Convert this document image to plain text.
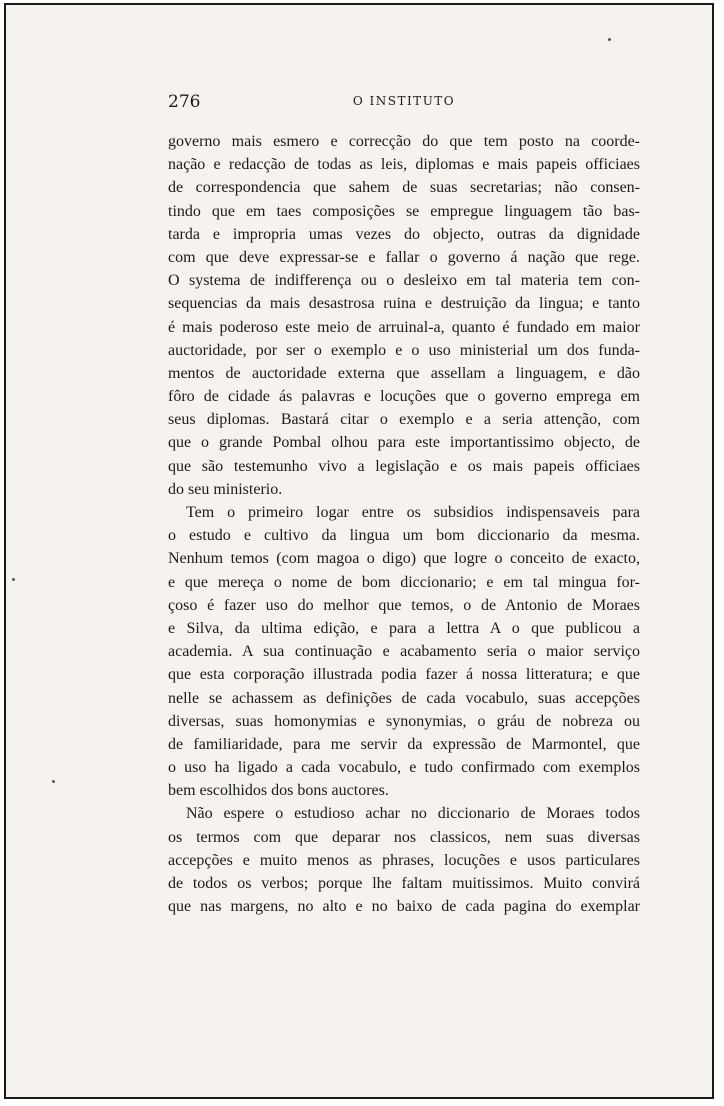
276	O INSTITUTO
governo mais esmero e correcção do que tem posto na coorde-
nação e redacção de todas as leis, diplomas e mais papeis officiaes
de correspondencia que sahem de suas secretarias; não consen-
tindo que em taes composições se empregue linguagem tão bas-
tarda e impropria umas vezes do objecto, outras da dignidade
com que deve expressar-se e fallar o governo á nação que rege.
O systema de indifferença ou o desleixo em tal materia tem con-
sequencias da mais desastrosa ruina e destruição da lingua; e tanto
é mais poderoso este meio de arruinal-a, quanto é fundado em maior
auctoridade, por ser o exemplo e o uso ministerial um dos funda-
mentos de auctoridade externa que assellam a linguagem, e dão
fôro de cidade ás palavras e locuções que o governo emprega em
seus diplomas. Bastará citar o exemplo e a seria attenção, com
que o grande Pombal olhou para este importantissimo objecto, de
que são testemunho vivo a legislação e os mais papeis officiaes
do seu ministerio.
Tem o primeiro logar entre os subsidios indispensaveis para
o estudo e cultivo da lingua um bom diccionario da mesma.
Nenhum temos (com magoa o digo) que logre o conceito de exacto,
e que mereça o nome de bom diccionario; e em tal mingua for-
çoso é fazer uso do melhor que temos, o de Antonio de Moraes
e Silva, da ultima edição, e para a lettra A o que publicou a
academia. A sua continuação e acabamento seria o maior serviço
que esta corporação illustrada podia fazer á nossa litteratura; e que
nelle se achassem as definições de cada vocabulo, suas accepções
diversas, suas homonymias e synonymias, o gráu de nobreza ou
de familiaridade, para me servir da expressão de Marmontel, que
o uso ha ligado a cada vocabulo, e tudo confirmado com exemplos
bem escolhidos dos bons auctores.
Não espere o estudioso achar no diccionario de Moraes todos
os termos com que deparar nos classicos, nem suas diversas
accepções e muito menos as phrases, locuções e usos particulares
de todos os verbos; porque lhe faltam muitissimos. Muito convirá
que nas margens, no alto e no baixo de cada pagina do exemplar
